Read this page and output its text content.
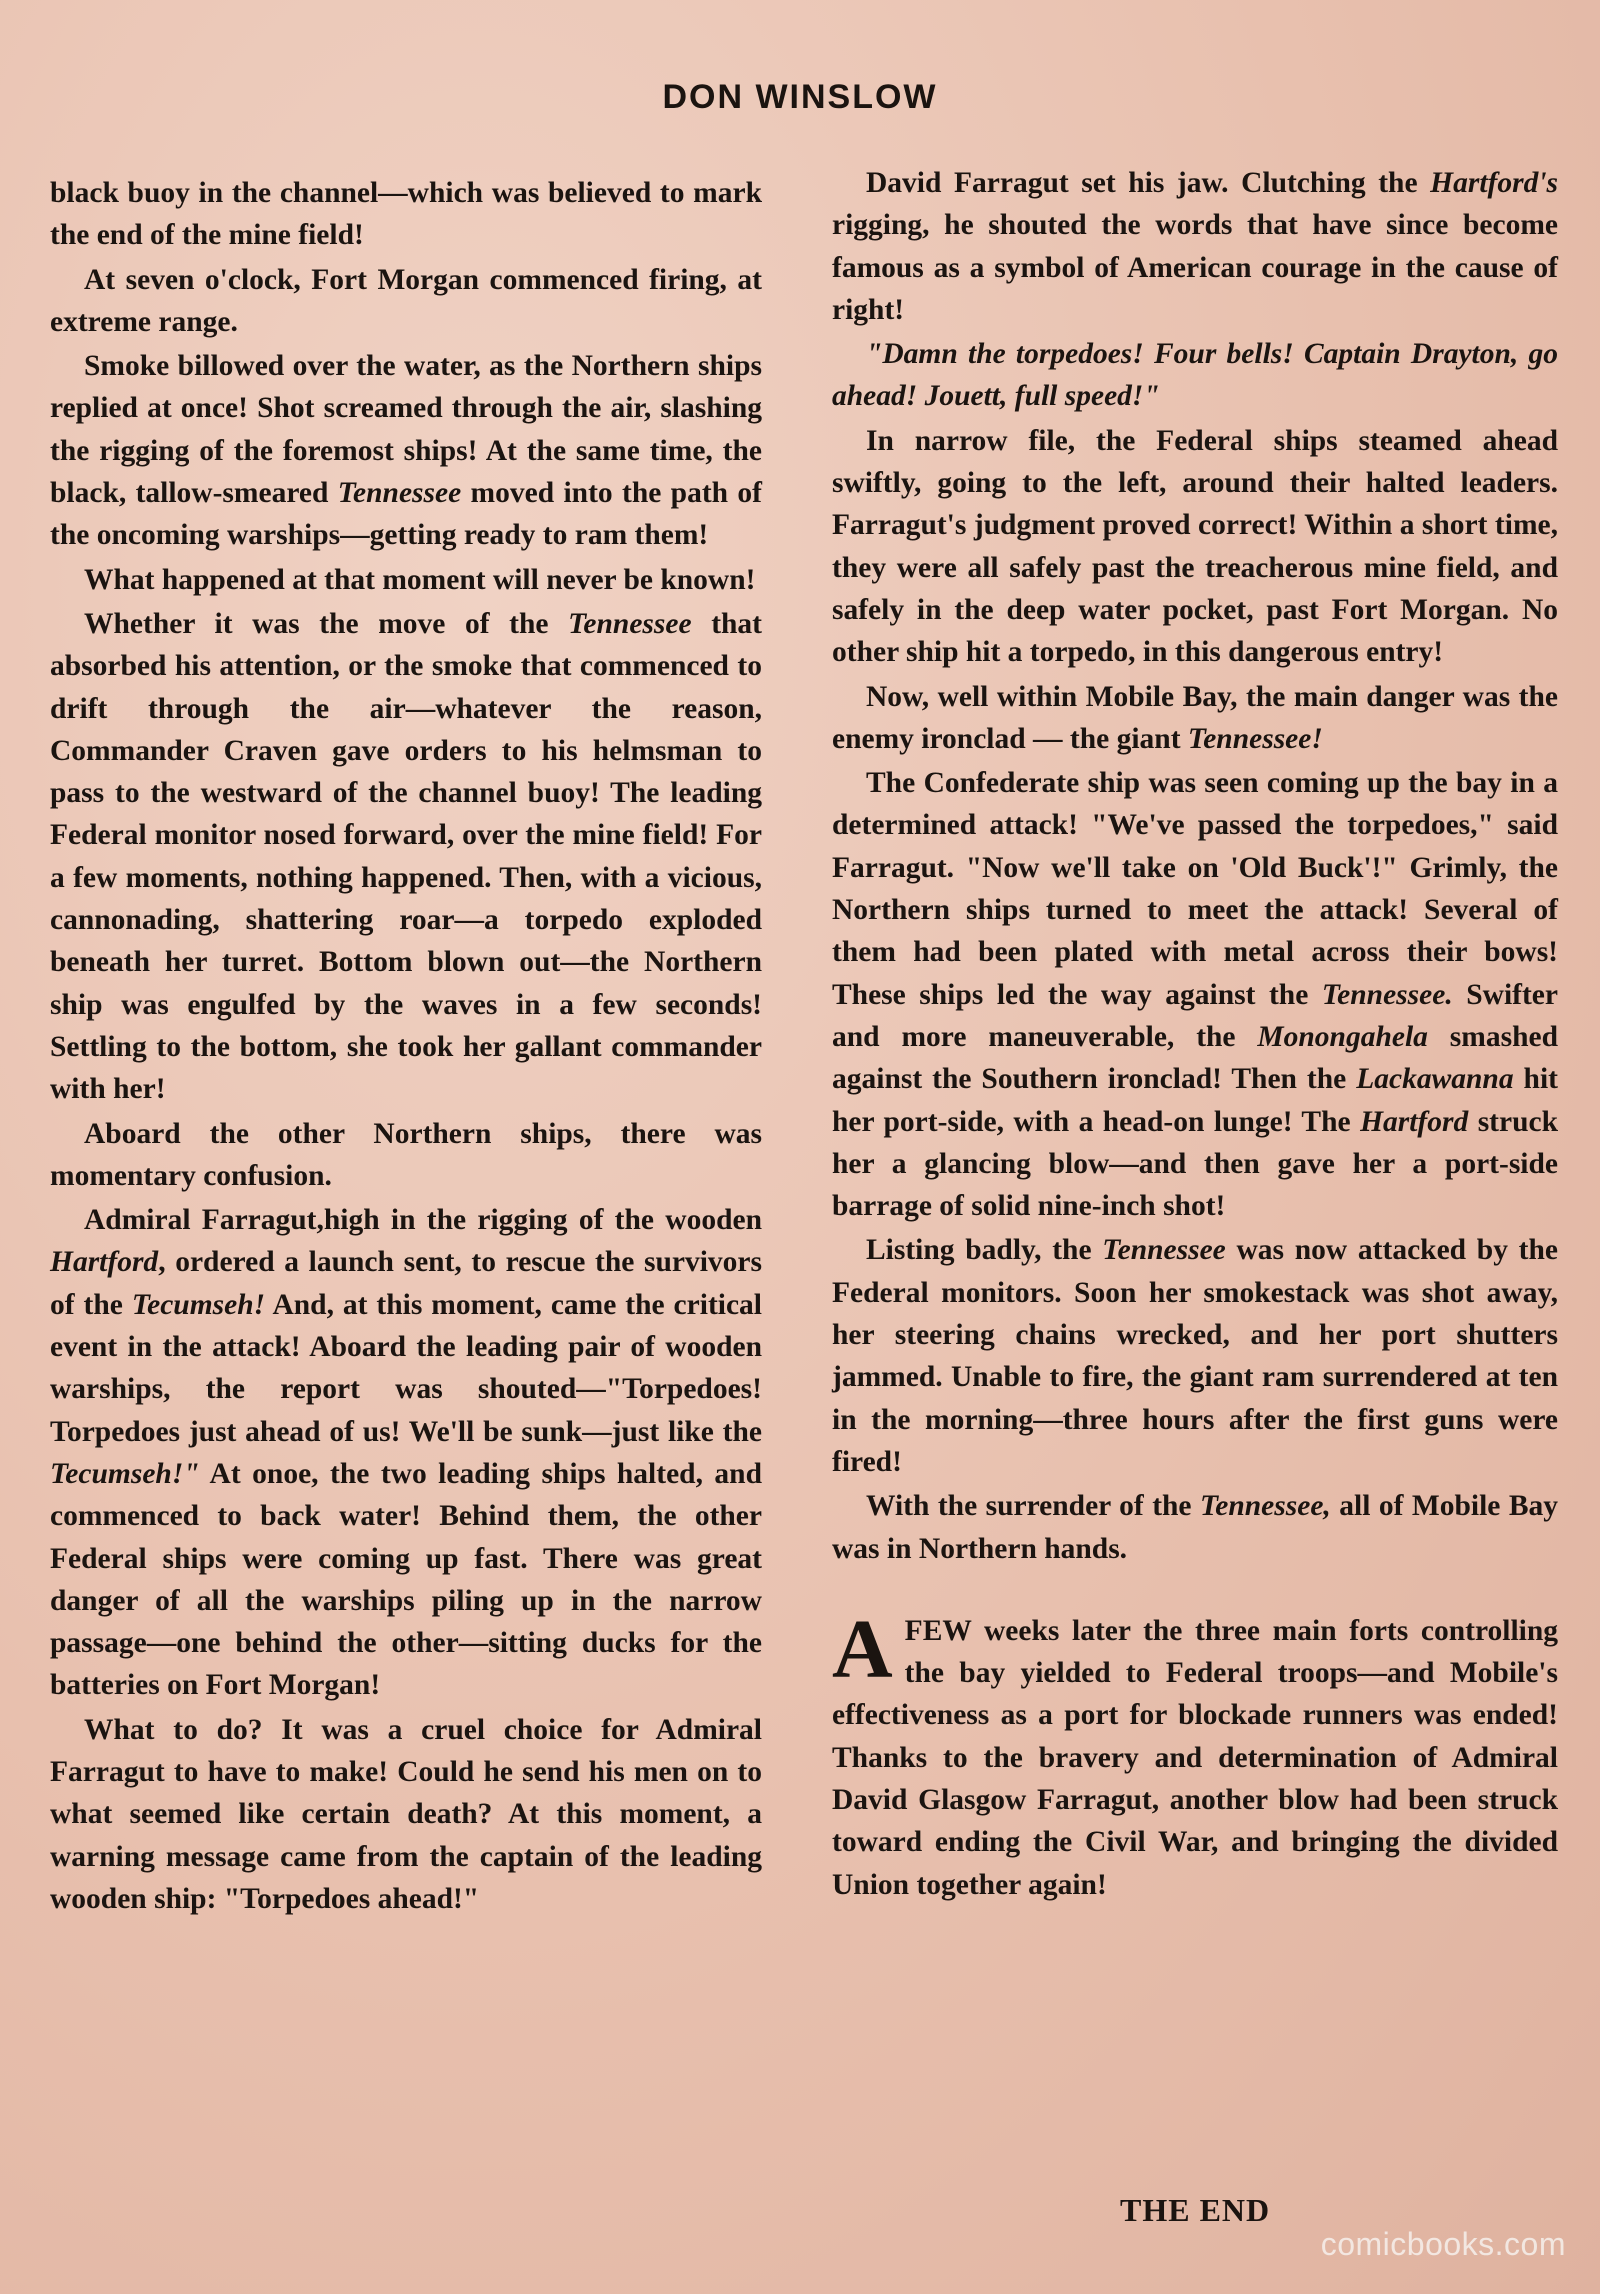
DON WINSLOW

black buoy in the channel—which was believed to mark the end of the mine field!

At seven o'clock, Fort Morgan commenced firing, at extreme range.

Smoke billowed over the water, as the Northern ships replied at once! Shot screamed through the air, slashing the rigging of the foremost ships! At the same time, the black, tallow-smeared Tennessee moved into the path of the oncoming warships—getting ready to ram them!

What happened at that moment will never be known!

Whether it was the move of the Tennessee that absorbed his attention, or the smoke that commenced to drift through the air—whatever the reason, Commander Craven gave orders to his helmsman to pass to the westward of the channel buoy! The leading Federal monitor nosed forward, over the mine field! For a few moments, nothing happened. Then, with a vicious, cannonading, shattering roar—a torpedo exploded beneath her turret. Bottom blown out—the Northern ship was engulfed by the waves in a few seconds! Settling to the bottom, she took her gallant commander with her!

Aboard the other Northern ships, there was momentary confusion.

Admiral Farragut,high in the rigging of the wooden Hartford, ordered a launch sent, to rescue the survivors of the Tecumseh! And, at this moment, came the critical event in the attack! Aboard the leading pair of wooden warships, the report was shouted—"Torpedoes! Torpedoes just ahead of us! We'll be sunk—just like the Tecumseh!" At onoe, the two leading ships halted, and commenced to back water! Behind them, the other Federal ships were coming up fast. There was great danger of all the warships piling up in the narrow passage—one behind the other—sitting ducks for the batteries on Fort Morgan!

What to do? It was a cruel choice for Admiral Farragut to have to make! Could he send his men on to what seemed like certain death? At this moment, a warning message came from the captain of the leading wooden ship: "Torpedoes ahead!"

David Farragut set his jaw. Clutching the Hartford's rigging, he shouted the words that have since become famous as a symbol of American courage in the cause of right!

"Damn the torpedoes! Four bells! Captain Drayton, go ahead! Jouett, full speed!"

In narrow file, the Federal ships steamed ahead swiftly, going to the left, around their halted leaders. Farragut's judgment proved correct! Within a short time, they were all safely past the treacherous mine field, and safely in the deep water pocket, past Fort Morgan. No other ship hit a torpedo, in this dangerous entry!

Now, well within Mobile Bay, the main danger was the enemy ironclad — the giant Tennessee!

The Confederate ship was seen coming up the bay in a determined attack! "We've passed the torpedoes," said Farragut. "Now we'll take on 'Old Buck'!" Grimly, the Northern ships turned to meet the attack! Several of them had been plated with metal across their bows! These ships led the way against the Tennessee. Swifter and more maneuverable, the Monongahela smashed against the Southern ironclad! Then the Lackawanna hit her port-side, with a head-on lunge! The Hartford struck her a glancing blow—and then gave her a port-side barrage of solid nine-inch shot!

Listing badly, the Tennessee was now attacked by the Federal monitors. Soon her smokestack was shot away, her steering chains wrecked, and her port shutters jammed. Unable to fire, the giant ram surrendered at ten in the morning—three hours after the first guns were fired!

With the surrender of the Tennessee, all of Mobile Bay was in Northern hands.

AFEW weeks later the three main forts controlling the bay yielded to Federal troops—and Mobile's effectiveness as a port for blockade runners was ended! Thanks to the bravery and determination of Admiral David Glasgow Farragut, another blow had been struck toward ending the Civil War, and bringing the divided Union together again!

THE END
comicbooks.com
